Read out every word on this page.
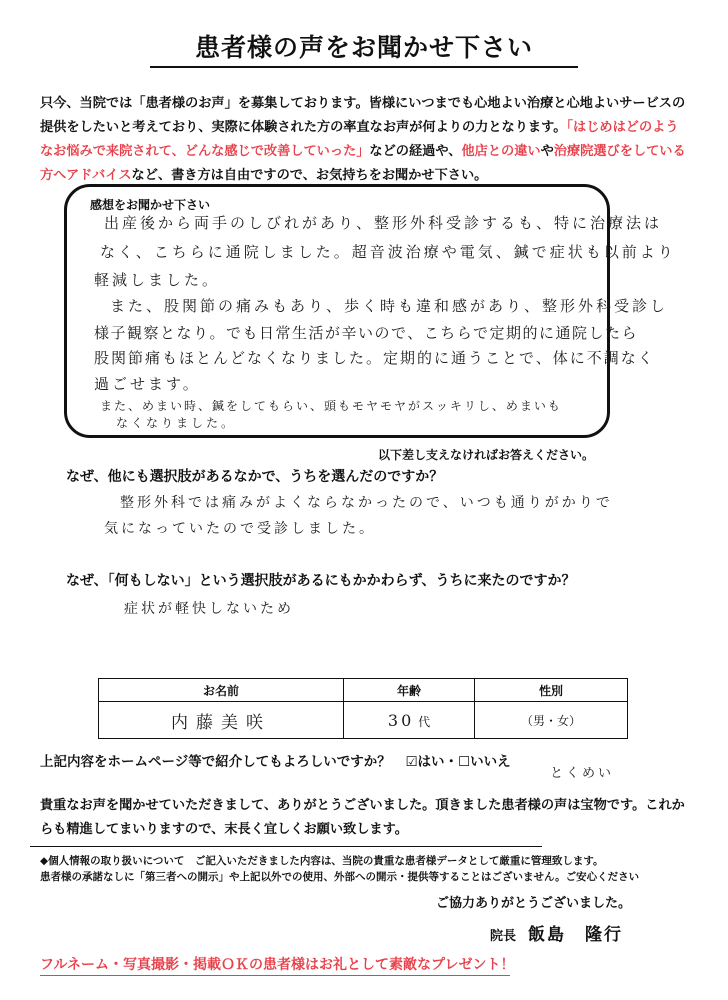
患者様の声をお聞かせ下さい
只今、当院では「患者様のお声」を募集しております。皆様にいつまでも心地よい治療と心地よいサービスの提供をしたいと考えており、実際に体験された方の率直なお声が何よりの力となります。「はじめはどのようなお悩みで来院されて、どんな感じで改善していった」などの経過や、他店との違いや治療院選びをしている方へアドバイスなど、書き方は自由ですので、お気持ちをお聞かせ下さい。
感想をお聞かせ下さい
出産後から両手のしびれがあり、整形外科受診するも、特に治療法は
なく、こちらに通院しました。超音波治療や電気、鍼で症状も以前より
軽減しました。
また、股関節の痛みもあり、歩く時も違和感があり、整形外科受診し
様子観察となり。でも日常生活が辛いので、こちらで定期的に通院したら
股関節痛もほとんどなくなりました。定期的に通うことで、体に不調なく
過ごせます。
また、めまい時、鍼をしてもらい、頭もモヤモヤがスッキリし、めまいも
なくなりました。
以下差し支えなければお答えください。
なぜ、他にも選択肢があるなかで、うちを選んだのですか？
整形外科では痛みがよくならなかったので、いつも通りがかりで
気になっていたので受診しました。
なぜ、「何もしない」という選択肢があるにもかかわらず、うちに来たのですか？
症状が軽快しないため
お名前	年齢	性別
内藤美咲	30 代	（男・女）
上記内容をホームページ等で紹介してもよろしいですか？ ☑はい・☐いいえ
とくめい
貴重なお声を聞かせていただきまして、ありがとうございました。頂きました患者様の声は宝物です。これからも精進してまいりますので、末長く宜しくお願い致します。
◆個人情報の取り扱いについて　ご記入いただきました内容は、当院の貴重な患者様データとして厳重に管理致します。
患者様の承諾なしに「第三者への開示」や上記以外での使用、外部への開示・提供等することはございません。ご安心ください
ご協力ありがとうございました。
院長 飯島　隆行
フルネーム・写真撮影・掲載ＯＫの患者様はお礼として素敵なプレゼント！
